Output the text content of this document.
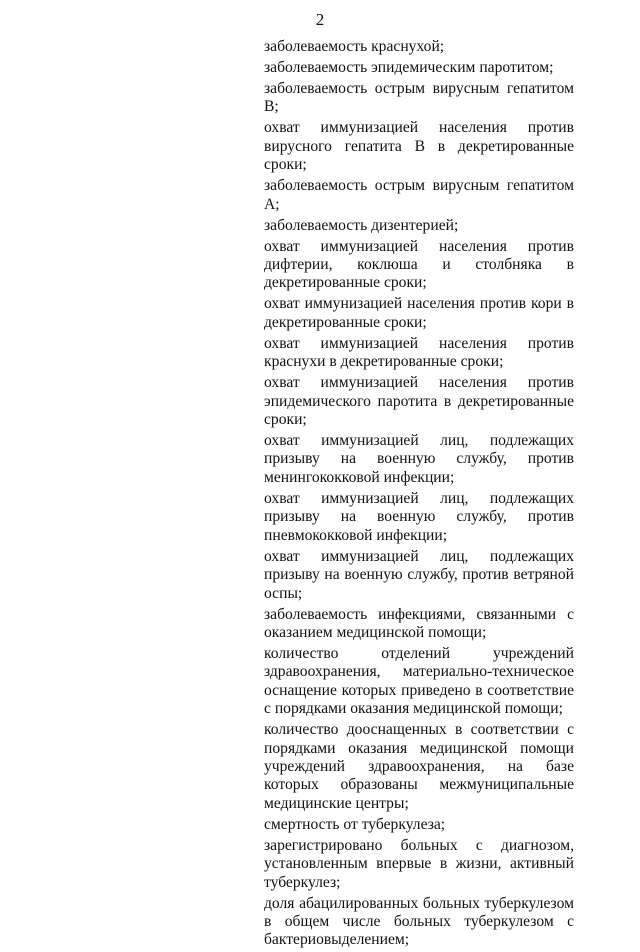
2

заболеваемость краснухой;

заболеваемость эпидемическим паротитом;

заболеваемость острым вирусным гепатитом В;

охват иммунизацией населения против вирусного гепатита В в декретированные сроки;

заболеваемость острым вирусным гепатитом А;

заболеваемость дизентерией;

охват иммунизацией населения против дифтерии, коклюша и столбняка в декретированные сроки;

охват иммунизацией населения против кори в декретированные сроки;

охват иммунизацией населения против краснухи в декретированные сроки;

охват иммунизацией населения против эпидемического паротита в декретированные сроки;

охват иммунизацией лиц, подлежащих призыву на военную службу, против менингококковой инфекции;

охват иммунизацией лиц, подлежащих призыву на военную службу, против пневмококковой инфекции;

охват иммунизацией лиц, подлежащих призыву на военную службу, против ветряной оспы;

заболеваемость инфекциями, связанными с оказанием медицинской помощи;

количество отделений учреждений здравоохранения, материально-техническое оснащение которых приведено в соответствие с порядками оказания медицинской помощи;

количество дооснащенных в соответствии с порядками оказания медицинской помощи учреждений здравоохранения, на базе которых образованы межмуниципальные медицинские центры;

смертность от туберкулеза;

зарегистрировано больных с диагнозом, установленным впервые в жизни, активный туберкулез;

доля абацилированных больных туберкулезом в общем числе больных туберкулезом с бактериовыделением;
